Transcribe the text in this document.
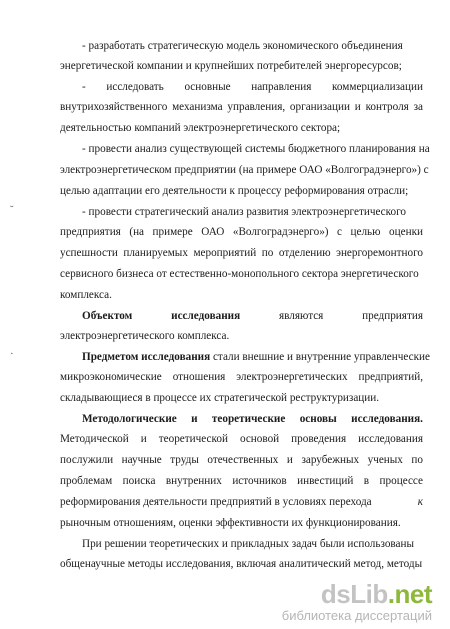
- разработать стратегическую модель экономического объединения
энергетической компании и крупнейших потребителей энергоресурсов;
- исследовать основные направления коммерциализации
внутрихозяйственного механизма управления, организации и контроля за
деятельностью компаний электроэнергетического сектора;
- провести анализ существующей системы бюджетного планирования на
электроэнергетическом предприятии (на примере ОАО «Волгоградэнерго») с
целью адаптации его деятельности к процессу реформирования отрасли;
˘	- провести стратегический анализ развития электроэнергетического
предприятия (на примере ОАО «Волгоградэнерго») с целью оценки
успешности планируемых мероприятий по отделению энергоремонтного
сервисного бизнеса от естественно-монопольного сектора энергетического
комплекса.
Объектом	исследования	являются	предприятия
электроэнергетического комплекса.
·	Предметом исследования стали внешние и внутренние управленческие
микроэкономические отношения электроэнергетических предприятий,
складывающиеся в процессе их стратегической реструктуризации.
Методологические и теоретические основы исследования.
Методической и теоретической основой проведения исследования
послужили научные труды отечественных и зарубежных ученых по
проблемам поиска внутренних источников инвестиций в процессе
реформирования деятельности предприятий в условиях перехода	к
рыночным отношениям, оценки эффективности их функционирования.
При решении теоретических и прикладных задач были использованы
общенаучные методы исследования, включая аналитический метод, методы
dsLib.net
библиотека диссертаций
